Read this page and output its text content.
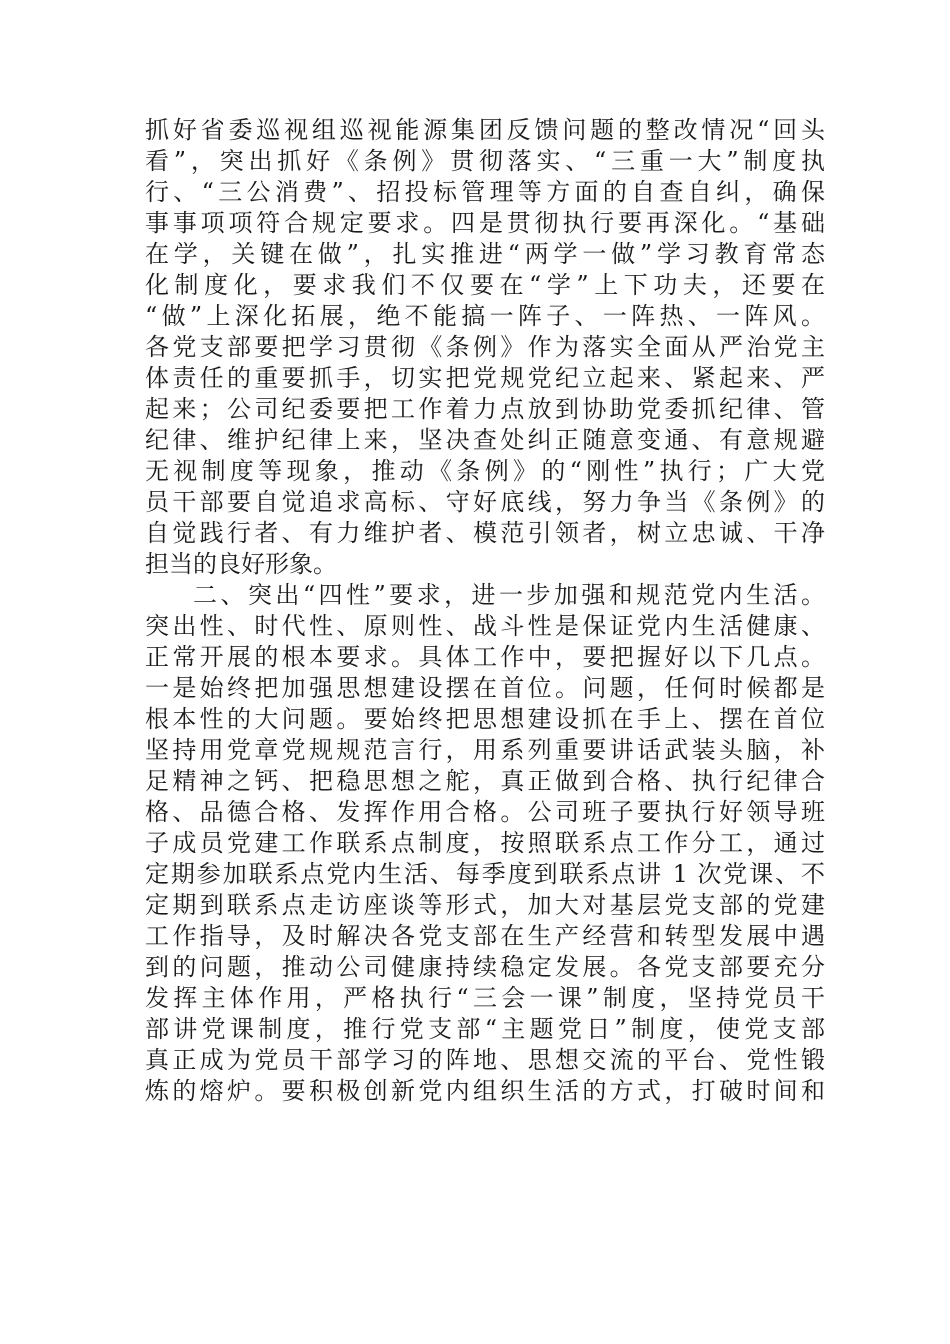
抓好省委巡视组巡视能源集团反馈问题的整改情况“回头
看”，突出抓好《条例》贯彻落实、“三重一大”制度执
行、“三公消费”、招投标管理等方面的自查自纠，确保
事事项项符合规定要求。四是贯彻执行要再深化。“基础
在学，关键在做”，扎实推进“两学一做”学习教育常态
化制度化，要求我们不仅要在“学”上下功夫，还要在
“做”上深化拓展，绝不能搞一阵子、一阵热、一阵风。
各党支部要把学习贯彻《条例》作为落实全面从严治党主
体责任的重要抓手，切实把党规党纪立起来、紧起来、严
起来；公司纪委要把工作着力点放到协助党委抓纪律、管
纪律、维护纪律上来，坚决查处纠正随意变通、有意规避
无视制度等现象，推动《条例》的“刚性”执行；广大党
员干部要自觉追求高标、守好底线，努力争当《条例》的
自觉践行者、有力维护者、模范引领者，树立忠诚、干净
担当的良好形象。
二、突出“四性”要求，进一步加强和规范党内生活。
突出性、时代性、原则性、战斗性是保证党内生活健康、
正常开展的根本要求。具体工作中，要把握好以下几点。
一是始终把加强思想建设摆在首位。问题，任何时候都是
根本性的大问题。要始终把思想建设抓在手上、摆在首位
坚持用党章党规规范言行，用系列重要讲话武装头脑，补
足精神之钙、把稳思想之舵，真正做到合格、执行纪律合
格、品德合格、发挥作用合格。公司班子要执行好领导班
子成员党建工作联系点制度，按照联系点工作分工，通过
定期参加联系点党内生活、每季度到联系点讲 1 次党课、不
定期到联系点走访座谈等形式，加大对基层党支部的党建
工作指导，及时解决各党支部在生产经营和转型发展中遇
到的问题，推动公司健康持续稳定发展。各党支部要充分
发挥主体作用，严格执行“三会一课”制度，坚持党员干
部讲党课制度，推行党支部“主题党日”制度，使党支部
真正成为党员干部学习的阵地、思想交流的平台、党性锻
炼的熔炉。要积极创新党内组织生活的方式，打破时间和
